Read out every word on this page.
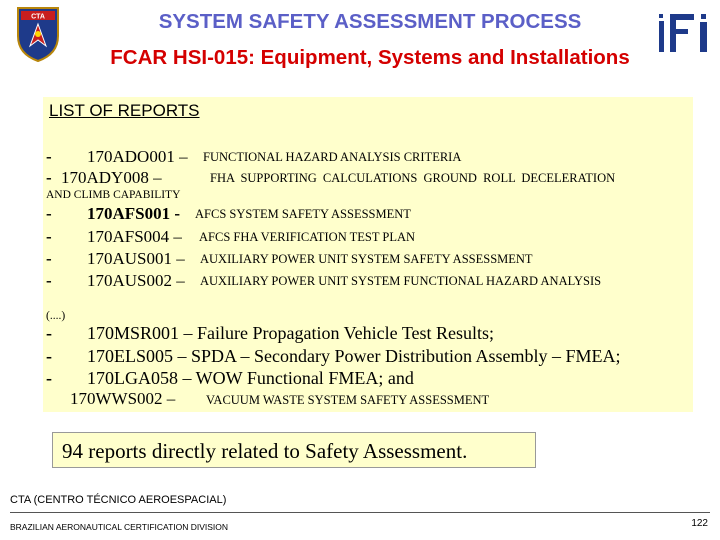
CTA
ifi
SYSTEM SAFETY ASSESSMENT PROCESS
FCAR HSI-015: Equipment, Systems and Installations
LIST OF REPORTS
- 170ADO001 – FUNCTIONAL HAZARD ANALYSIS CRITERIA
- 170ADY008 –	FHA SUPPORTING CALCULATIONS GROUND ROLL DECELERATION
AND CLIMB CAPABILITY
- 170AFS001 - AFCS SYSTEM SAFETY ASSESSMENT
- 170AFS004 – AFCS FHA VERIFICATION TEST PLAN
- 170AUS001 – AUXILIARY POWER UNIT SYSTEM SAFETY ASSESSMENT
- 170AUS002 – AUXILIARY POWER UNIT SYSTEM FUNCTIONAL HAZARD ANALYSIS
(....)
- 170MSR001 – Failure Propagation Vehicle Test Results;
- 170ELS005 – SPDA – Secondary Power Distribution Assembly – FMEA;
- 170LGA058 – WOW Functional FMEA; and
170WWS002 – VACUUM WASTE SYSTEM SAFETY ASSESSMENT
94 reports directly related to Safety Assessment.
CTA (CENTRO TÉCNICO AEROESPACIAL)
BRAZILIAN AERONAUTICAL CERTIFICATION DIVISION	122
